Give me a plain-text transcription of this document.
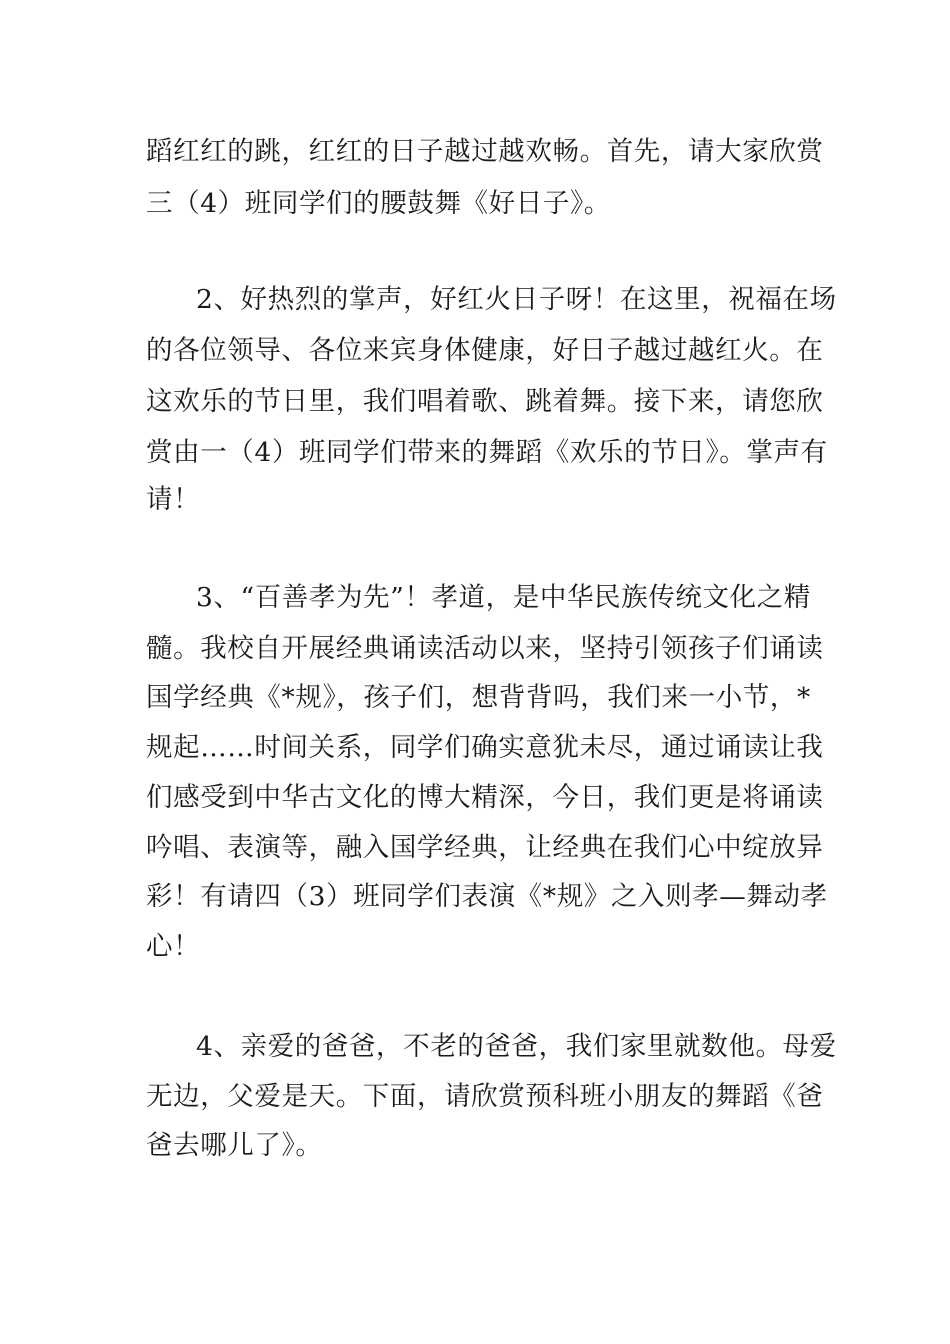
蹈红红的跳，红红的日子越过越欢畅。首先，请大家欣赏
三（4）班同学们的腰鼓舞《好日子》。
2、好热烈的掌声，好红火日子呀！在这里，祝福在场
的各位领导、各位来宾身体健康，好日子越过越红火。在
这欢乐的节日里，我们唱着歌、跳着舞。接下来，请您欣
赏由一（4）班同学们带来的舞蹈《欢乐的节日》。掌声有
请！
3、“百善孝为先”！孝道，是中华民族传统文化之精
髓。我校自开展经典诵读活动以来，坚持引领孩子们诵读
国学经典《*规》，孩子们，想背背吗，我们来一小节，*
规起……时间关系，同学们确实意犹未尽，通过诵读让我
们感受到中华古文化的博大精深，今日，我们更是将诵读
吟唱、表演等，融入国学经典，让经典在我们心中绽放异
彩！有请四（3）班同学们表演《*规》之入则孝—舞动孝
心！
4、亲爱的爸爸，不老的爸爸，我们家里就数他。母爱
无边，父爱是天。下面，请欣赏预科班小朋友的舞蹈《爸
爸去哪儿了》。
